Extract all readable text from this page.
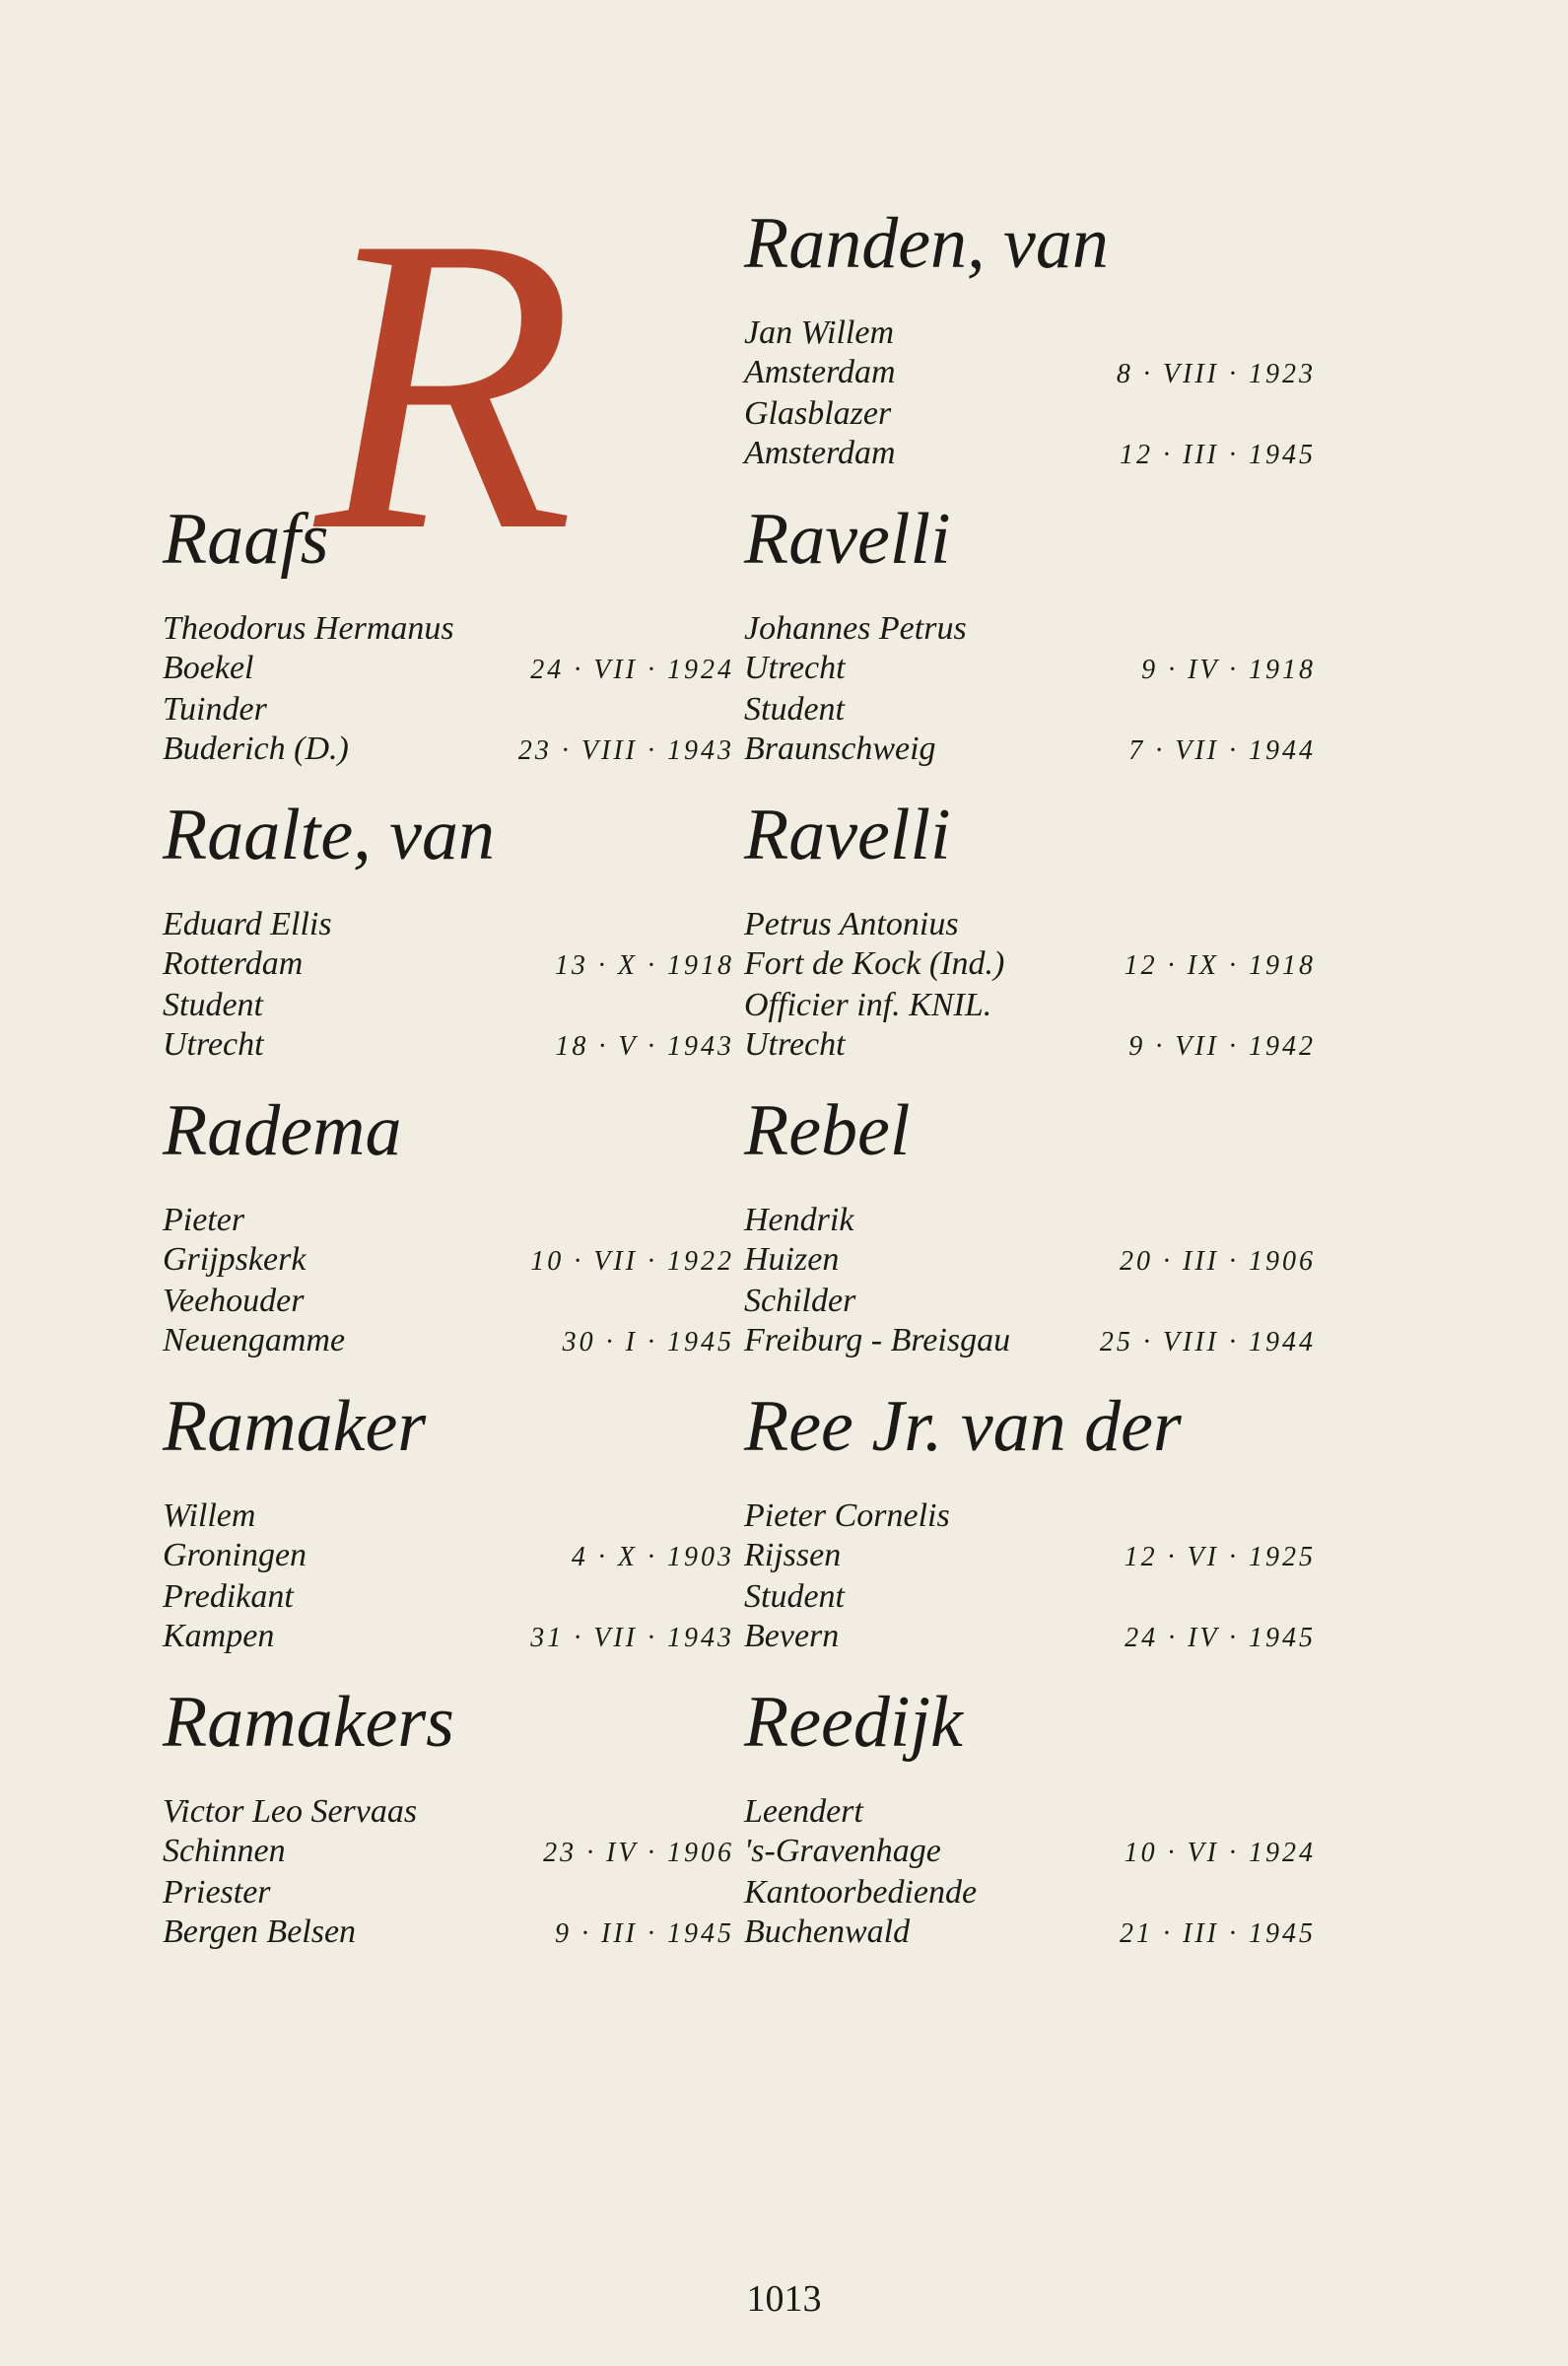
R
Raafs
Theodorus Hermanus
Boekel	24 · VII · 1924
Tuinder
Buderich (D.)	23 · VIII · 1943
Raalte, van
Eduard Ellis
Rotterdam	13 · X · 1918
Student
Utrecht	18 · V · 1943
Radema
Pieter
Grijpskerk	10 · VII · 1922
Veehouder
Neuengamme	30 · I · 1945
Ramaker
Willem
Groningen	4 · X · 1903
Predikant
Kampen	31 · VII · 1943
Ramakers
Victor Leo Servaas
Schinnen	23 · IV · 1906
Priester
Bergen Belsen	9 · III · 1945
Randen, van
Jan Willem
Amsterdam	8 · VIII · 1923
Glasblazer
Amsterdam	12 · III · 1945
Ravelli
Johannes Petrus
Utrecht	9 · IV · 1918
Student
Braunschweig	7 · VII · 1944
Ravelli
Petrus Antonius
Fort de Kock (Ind.)	12 · IX · 1918
Officier inf. KNIL.
Utrecht	9 · VII · 1942
Rebel
Hendrik
Huizen	20 · III · 1906
Schilder
Freiburg - Breisgau	25 · VIII · 1944
Ree Jr. van der
Pieter Cornelis
Rijssen	12 · VI · 1925
Student
Bevern	24 · IV · 1945
Reedijk
Leendert
's-Gravenhage	10 · VI · 1924
Kantoorbediende
Buchenwald	21 · III · 1945
1013
